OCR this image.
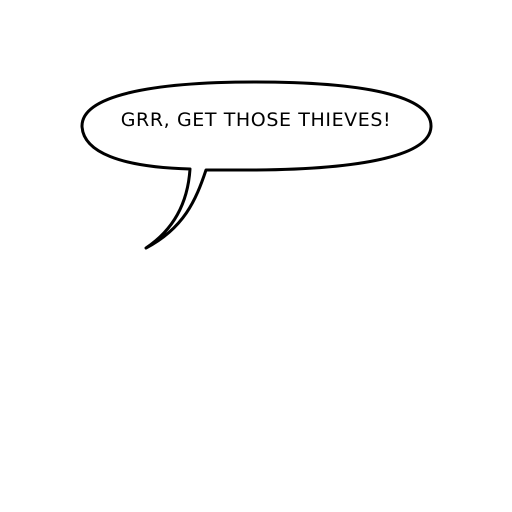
GRR, GET THOSE THIEVES!
